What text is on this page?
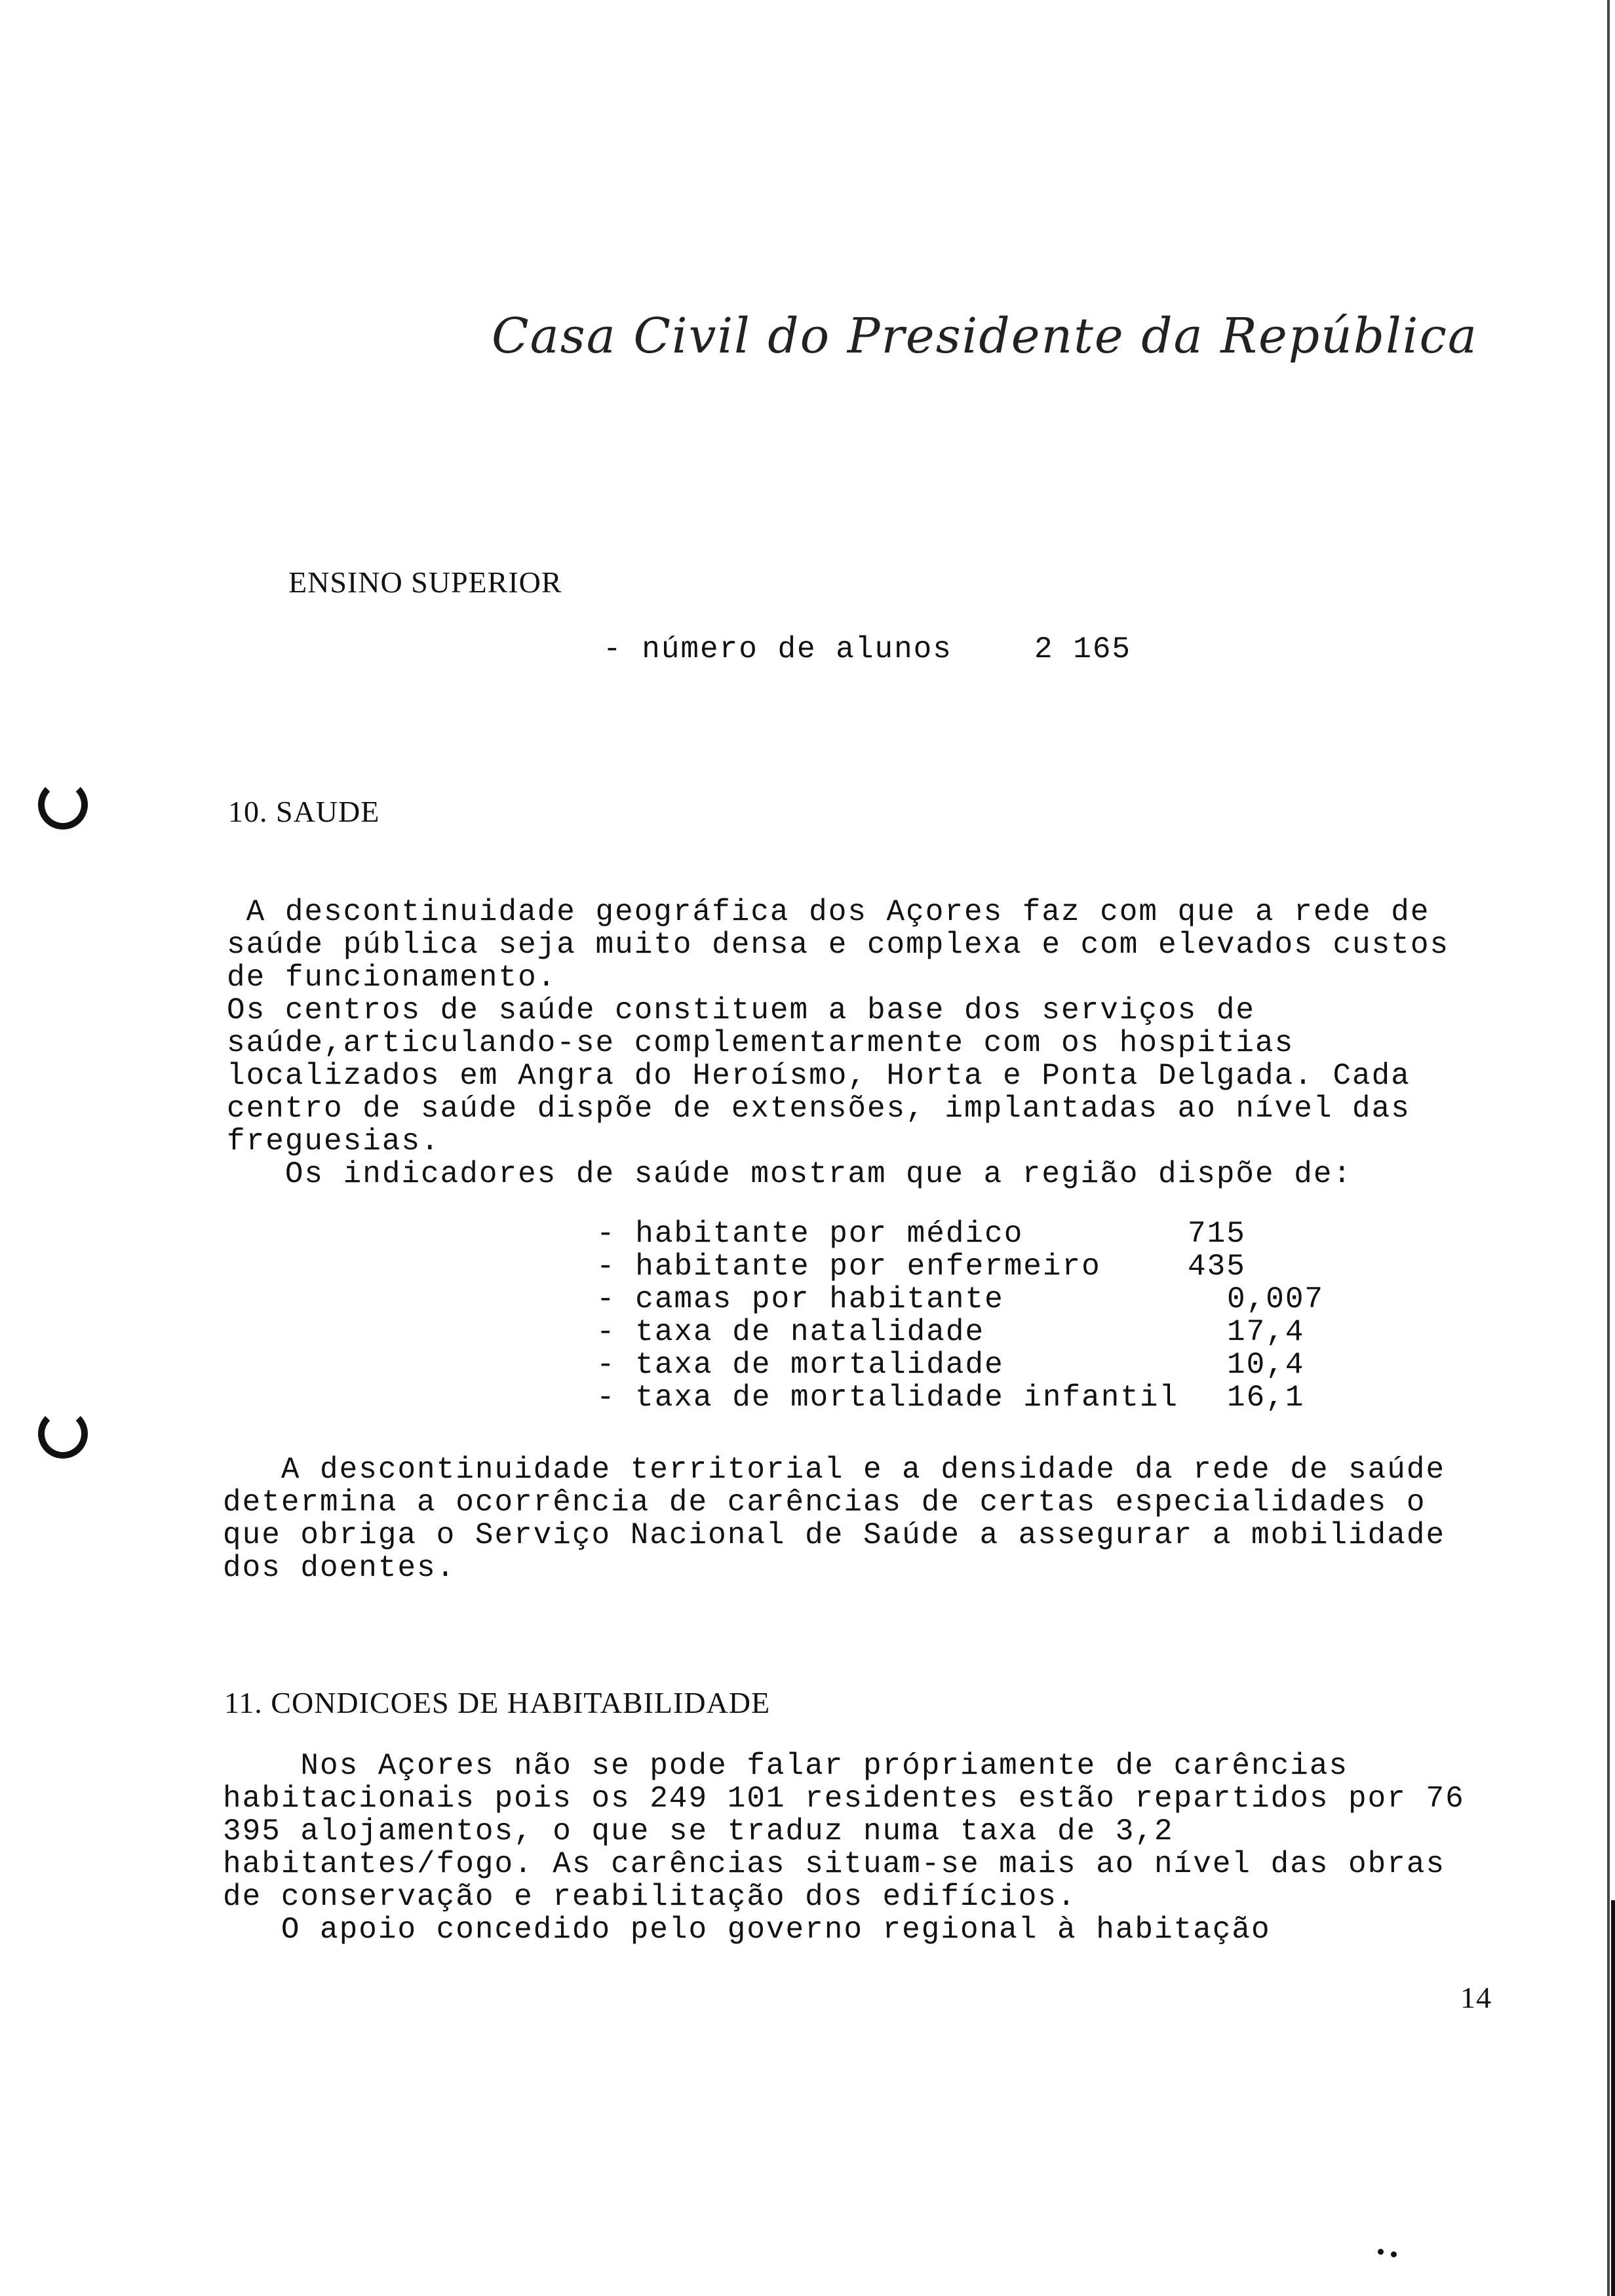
Casa Civil do Presidente da República
ENSINO SUPERIOR
- número de alunos	2 165
10. SAUDE
A descontinuidade geográfica dos Açores faz com que a rede de
saúde pública seja muito densa e complexa e com elevados custos
de funcionamento.
Os centros de saúde constituem a base dos serviços de
saúde,articulando-se complementarmente com os hospitias
localizados em Angra do Heroísmo, Horta e Ponta Delgada. Cada
centro de saúde dispõe de extensões, implantadas ao nível das
freguesias.
Os indicadores de saúde mostram que a região dispõe de:
- habitante por médico	715
- habitante por enfermeiro	435
- camas por habitante	0,007
- taxa de natalidade	17,4
- taxa de mortalidade	10,4
- taxa de mortalidade infantil 16,1
A descontinuidade territorial e a densidade da rede de saúde
determina a ocorrência de carências de certas especialidades o
que obriga o Serviço Nacional de Saúde a assegurar a mobilidade
dos doentes.
11. CONDICOES DE HABITABILIDADE
Nos Açores não se pode falar própriamente de carências
habitacionais pois os 249 101 residentes estão repartidos por 76
395 alojamentos, o que se traduz numa taxa de 3,2
habitantes/fogo. As carências situam-se mais ao nível das obras
de conservação e reabilitação dos edifícios.
O apoio concedido pelo governo regional à habitação
14
